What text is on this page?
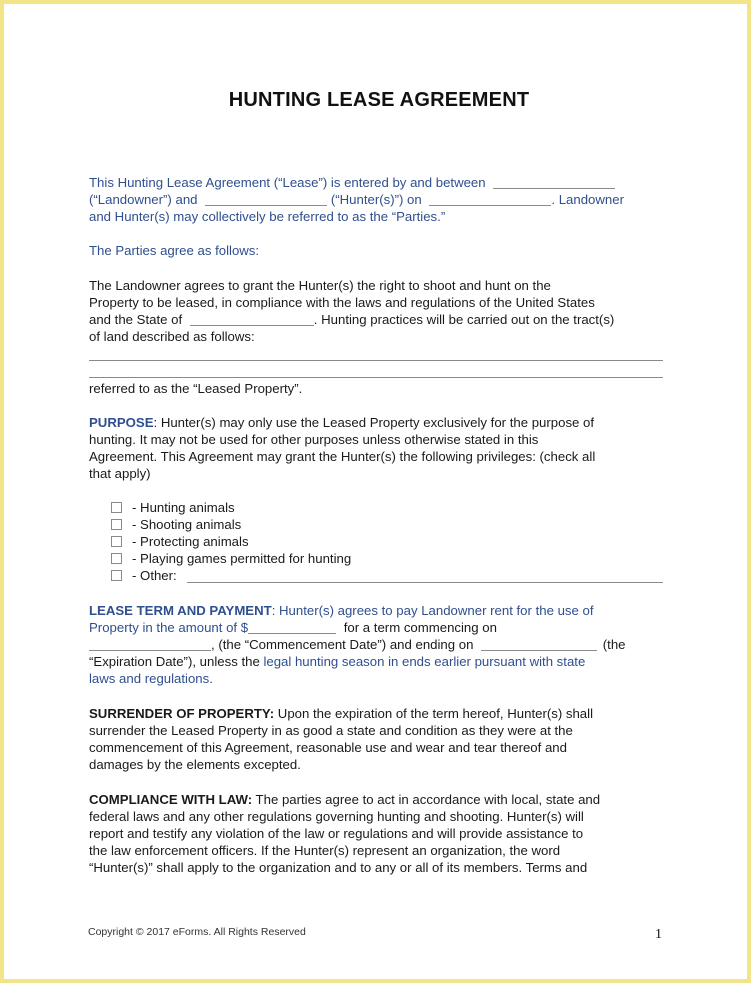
HUNTING LEASE AGREEMENT

This Hunting Lease Agreement (“Lease”) is entered by and between
(“Landowner”) and	(“Hunter(s)”) on	. Landowner
and Hunter(s) may collectively be referred to as the “Parties.”

The Parties agree as follows:

The Landowner agrees to grant the Hunter(s) the right to shoot and hunt on the
Property to be leased, in compliance with the laws and regulations of the United States
and the State of	. Hunting practices will be carried out on the tract(s)
of land described as follows:

referred to as the “Leased Property”.

PURPOSE: Hunter(s) may only use the Leased Property exclusively for the purpose of
hunting. It may not be used for other purposes unless otherwise stated in this
Agreement. This Agreement may grant the Hunter(s) the following privileges: (check all
that apply)

- Hunting animals
- Shooting animals
- Protecting animals
- Playing games permitted for hunting
- Other:

LEASE TERM AND PAYMENT: Hunter(s) agrees to pay Landowner rent for the use of
Property in the amount of $	for a term commencing on
, (the “Commencement Date”) and ending on	(the
“Expiration Date”), unless the legal hunting season in ends earlier pursuant with state
laws and regulations.

SURRENDER OF PROPERTY: Upon the expiration of the term hereof, Hunter(s) shall
surrender the Leased Property in as good a state and condition as they were at the
commencement of this Agreement, reasonable use and wear and tear thereof and
damages by the elements excepted.

COMPLIANCE WITH LAW: The parties agree to act in accordance with local, state and
federal laws and any other regulations governing hunting and shooting. Hunter(s) will
report and testify any violation of the law or regulations and will provide assistance to
the law enforcement officers. If the Hunter(s) represent an organization, the word
“Hunter(s)” shall apply to the organization and to any or all of its members. Terms and

Copyright © 2017 eForms. All Rights Reserved	1
